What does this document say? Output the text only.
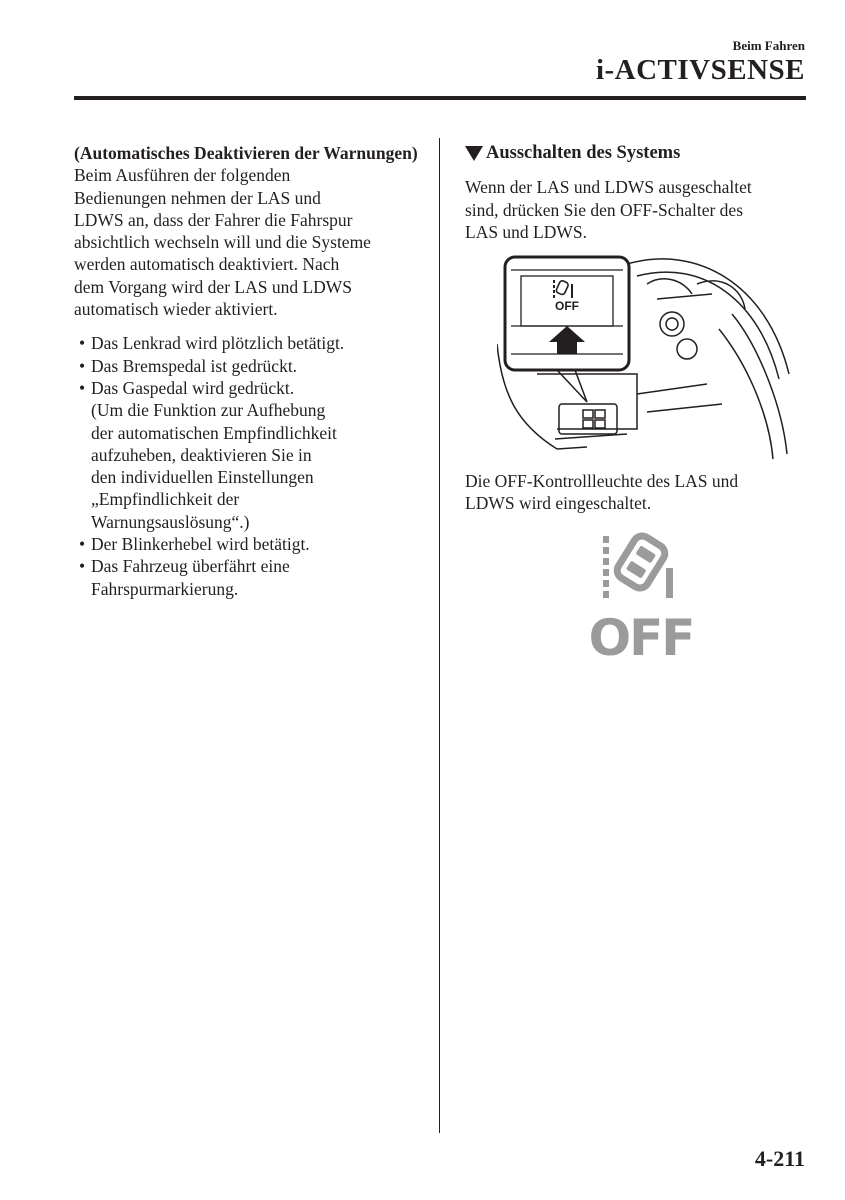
Beim Fahren
i-ACTIVSENSE
(Automatisches Deaktivieren der Warnungen)
Beim Ausführen der folgenden
Bedienungen nehmen der LAS und
LDWS an, dass der Fahrer die Fahrspur
absichtlich wechseln will und die Systeme
werden automatisch deaktiviert. Nach
dem Vorgang wird der LAS und LDWS
automatisch wieder aktiviert.
• Das Lenkrad wird plötzlich betätigt.
• Das Bremspedal ist gedrückt.
• Das Gaspedal wird gedrückt.
(Um die Funktion zur Aufhebung
der automatischen Empfindlichkeit
aufzuheben, deaktivieren Sie in
den individuellen Einstellungen
„Empfindlichkeit der
Warnungsauslösung“.)
• Der Blinkerhebel wird betätigt.
• Das Fahrzeug überfährt eine
Fahrspurmarkierung.
Ausschalten des Systems
Wenn der LAS und LDWS ausgeschaltet
sind, drücken Sie den OFF-Schalter des
LAS und LDWS.
OFF
Die OFF-Kontrollleuchte des LAS und
LDWS wird eingeschaltet.
OFF
4-211
